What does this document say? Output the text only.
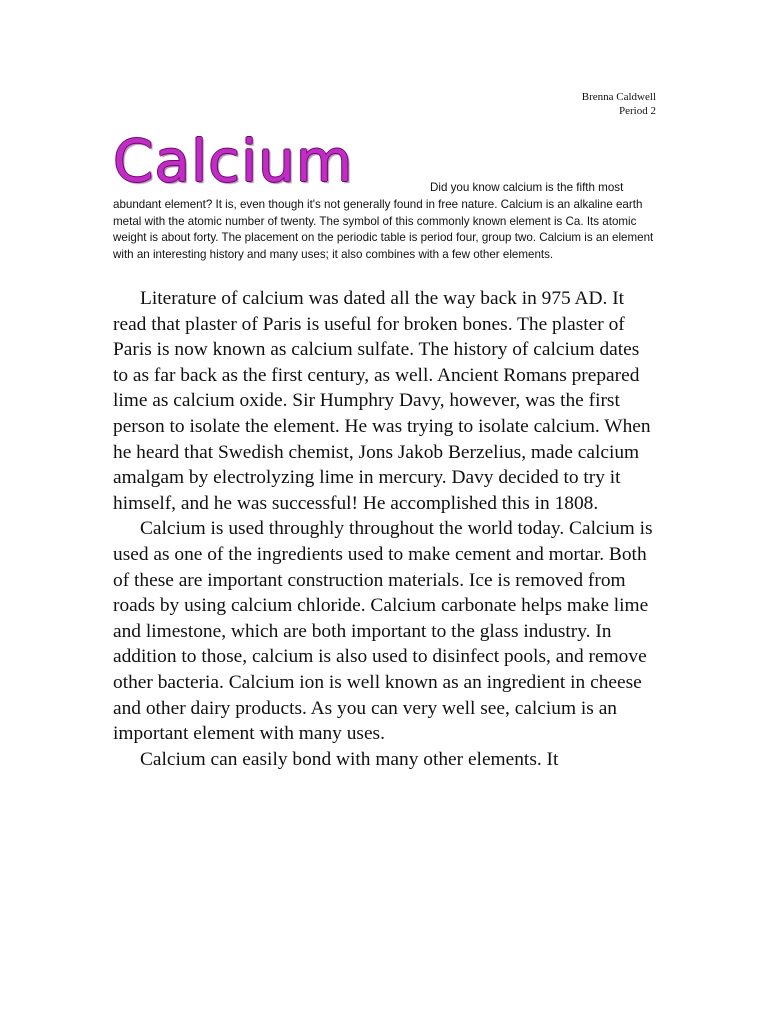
Brenna Caldwell
Period 2
Calcium	Did you know calcium is the fifth most abundant element? It is, even though it's not generally found in free nature. Calcium is an alkaline earth metal with the atomic number of twenty. The symbol of this commonly known element is Ca. Its atomic weight is about forty. The placement on the periodic table is period four, group two. Calcium is an element with an interesting history and many uses; it also combines with a few other elements.

Literature of calcium was dated all the way back in 975 AD. It read that plaster of Paris is useful for broken bones. The plaster of Paris is now known as calcium sulfate. The history of calcium dates to as far back as the first century, as well. Ancient Romans prepared lime as calcium oxide. Sir Humphry Davy, however, was the first person to isolate the element. He was trying to isolate calcium. When he heard that Swedish chemist, Jons Jakob Berzelius, made calcium amalgam by electrolyzing lime in mercury. Davy decided to try it himself, and he was successful! He accomplished this in 1808.

Calcium is used throughly throughout the world today. Calcium is used as one of the ingredients used to make cement and mortar. Both of these are important construction materials. Ice is removed from roads by using calcium chloride. Calcium carbonate helps make lime and limestone, which are both important to the glass industry. In addition to those, calcium is also used to disinfect pools, and remove other bacteria. Calcium ion is well known as an ingredient in cheese and other dairy products. As you can very well see, calcium is an important element with many uses.

Calcium can easily bond with many other elements. It
